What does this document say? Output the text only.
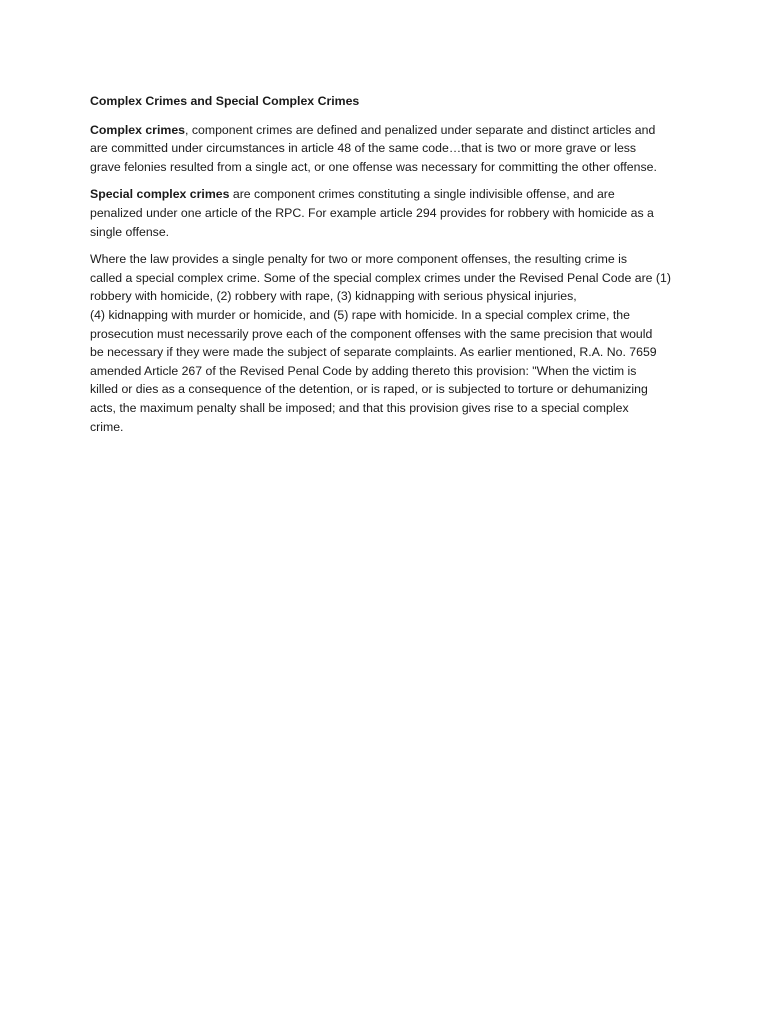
Complex Crimes and Special Complex Crimes
Complex crimes, component crimes are defined and penalized under separate and distinct articles and
are committed under circumstances in article 48 of the same code…that is two or more grave or less
grave felonies resulted from a single act, or one offense was necessary for committing the other offense.
Special complex crimes are component crimes constituting a single indivisible offense, and are
penalized under one article of the RPC. For example article 294 provides for robbery with homicide as a
single offense.
Where the law provides a single penalty for two or more component offenses, the resulting crime is
called a special complex crime. Some of the special complex crimes under the Revised Penal Code are (1)
robbery with homicide, (2) robbery with rape, (3) kidnapping with serious physical injuries,
(4) kidnapping with murder or homicide, and (5) rape with homicide. In a special complex crime, the
prosecution must necessarily prove each of the component offenses with the same precision that would
be necessary if they were made the subject of separate complaints. As earlier mentioned, R.A. No. 7659
amended Article 267 of the Revised Penal Code by adding thereto this provision: "When the victim is
killed or dies as a consequence of the detention, or is raped, or is subjected to torture or dehumanizing
acts, the maximum penalty shall be imposed; and that this provision gives rise to a special complex
crime.
